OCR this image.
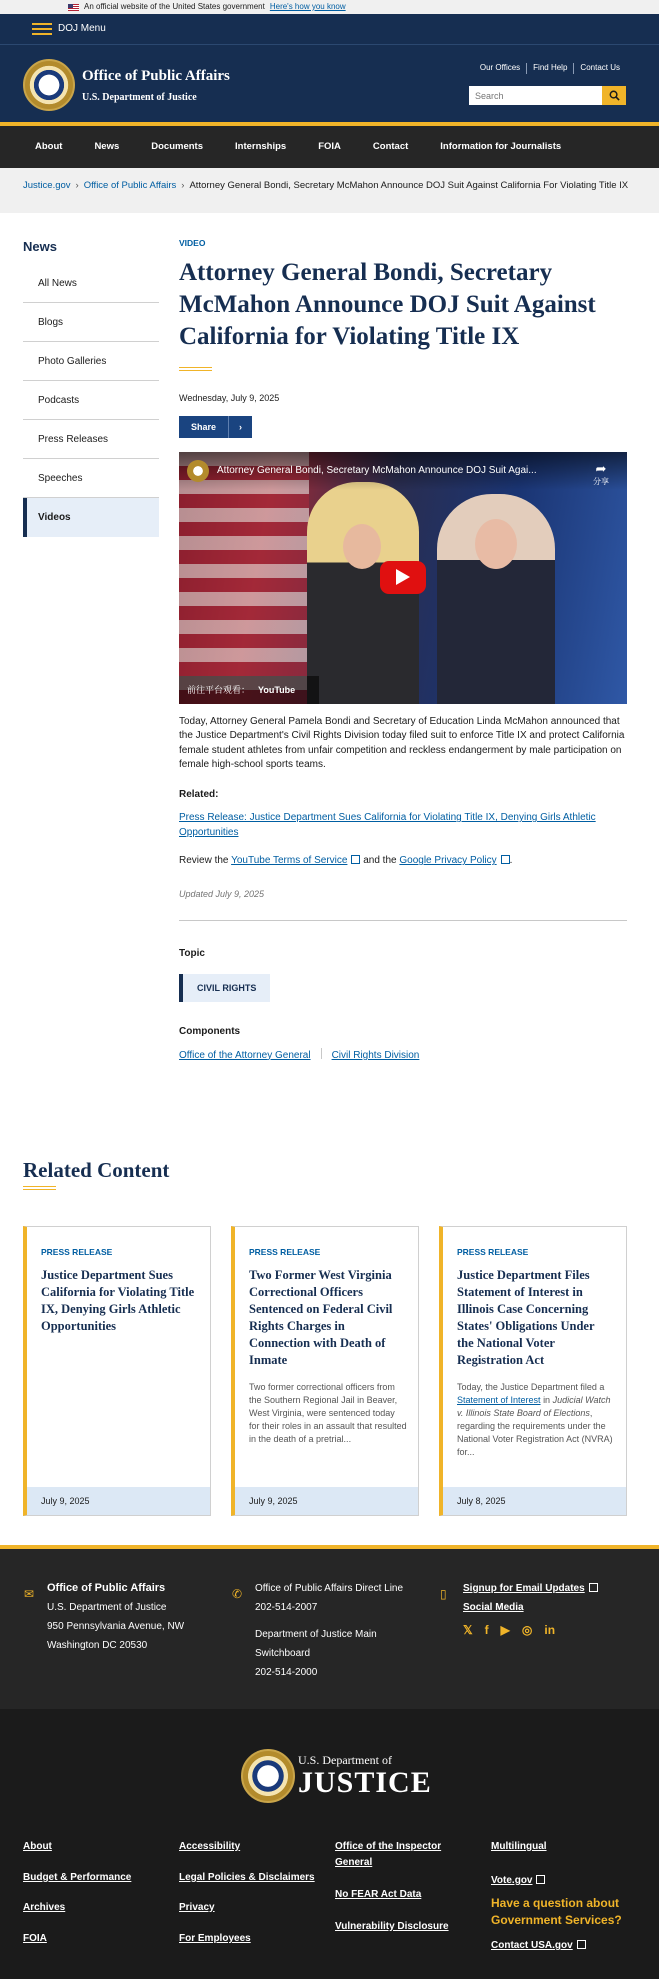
An official website of the United States government Here's how you know
DOJ Menu
Office of Public Affairs
U.S. Department of Justice
Our Offices	Find Help	Contact Us
Search
About	News	Documents	Internships	FOIA	Contact	Information for Journalists
Justice.gov › Office of Public Affairs › Attorney General Bondi, Secretary McMahon Announce DOJ Suit Against California For Violating Title IX
News
All News
Blogs
Photo Galleries
Podcasts
Press Releases
Speeches
Videos
VIDEO
Attorney General Bondi, Secretary McMahon Announce DOJ Suit Against California for Violating Title IX
Wednesday, July 9, 2025
Share	›
Attorney General Bondi, Secretary McMahon Announce DOJ Suit Agai...	➦
分享
前往平台观看： YouTube

Today, Attorney General Pamela Bondi and Secretary of Education Linda McMahon announced that the Justice Department's Civil Rights Division today filed suit to enforce Title IX and protect California female student athletes from unfair competition and reckless endangerment by male participation on female high-school sports teams.

Related:
Press Release: Justice Department Sues California for Violating Title IX, Denying Girls Athletic Opportunities
Review the YouTube Terms of Service and the Google Privacy Policy .
Updated July 9, 2025
Topic
CIVIL RIGHTS
Components
Office of the Attorney General Civil Rights Division
Related Content
PRESS RELEASE
Justice Department Sues California for Violating Title IX, Denying Girls Athletic Opportunities
July 9, 2025
PRESS RELEASE
Two Former West Virginia Correctional Officers Sentenced on Federal Civil Rights Charges in Connection with Death of Inmate
Two former correctional officers from the Southern Regional Jail in Beaver, West Virginia, were sentenced today for their roles in an assault that resulted in the death of a pretrial...
July 9, 2025
PRESS RELEASE
Justice Department Files Statement of Interest in Illinois Case Concerning States' Obligations Under the National Voter Registration Act
Today, the Justice Department filed a Statement of Interest in Judicial Watch v. Illinois State Board of Elections, regarding the requirements under the National Voter Registration Act (NVRA) for...
July 8, 2025
✉ Office of Public Affairs
U.S. Department of Justice
950 Pennsylvania Avenue, NW
Washington DC 20530
✆ Office of Public Affairs Direct Line
202-514-2007
Department of Justice Main
Switchboard
202-514-2000
▯ Signup for Email Updates
Social Media
𝕏 f ▶ ◎ in
U.S. Department of
JUSTICE
About
Budget & Performance
Archives
FOIA
Accessibility
Legal Policies & Disclaimers
Privacy
For Employees
Office of the Inspector General
No FEAR Act Data
Vulnerability Disclosure
Multilingual
Vote.gov
Have a question about Government Services?
Contact USA.gov
